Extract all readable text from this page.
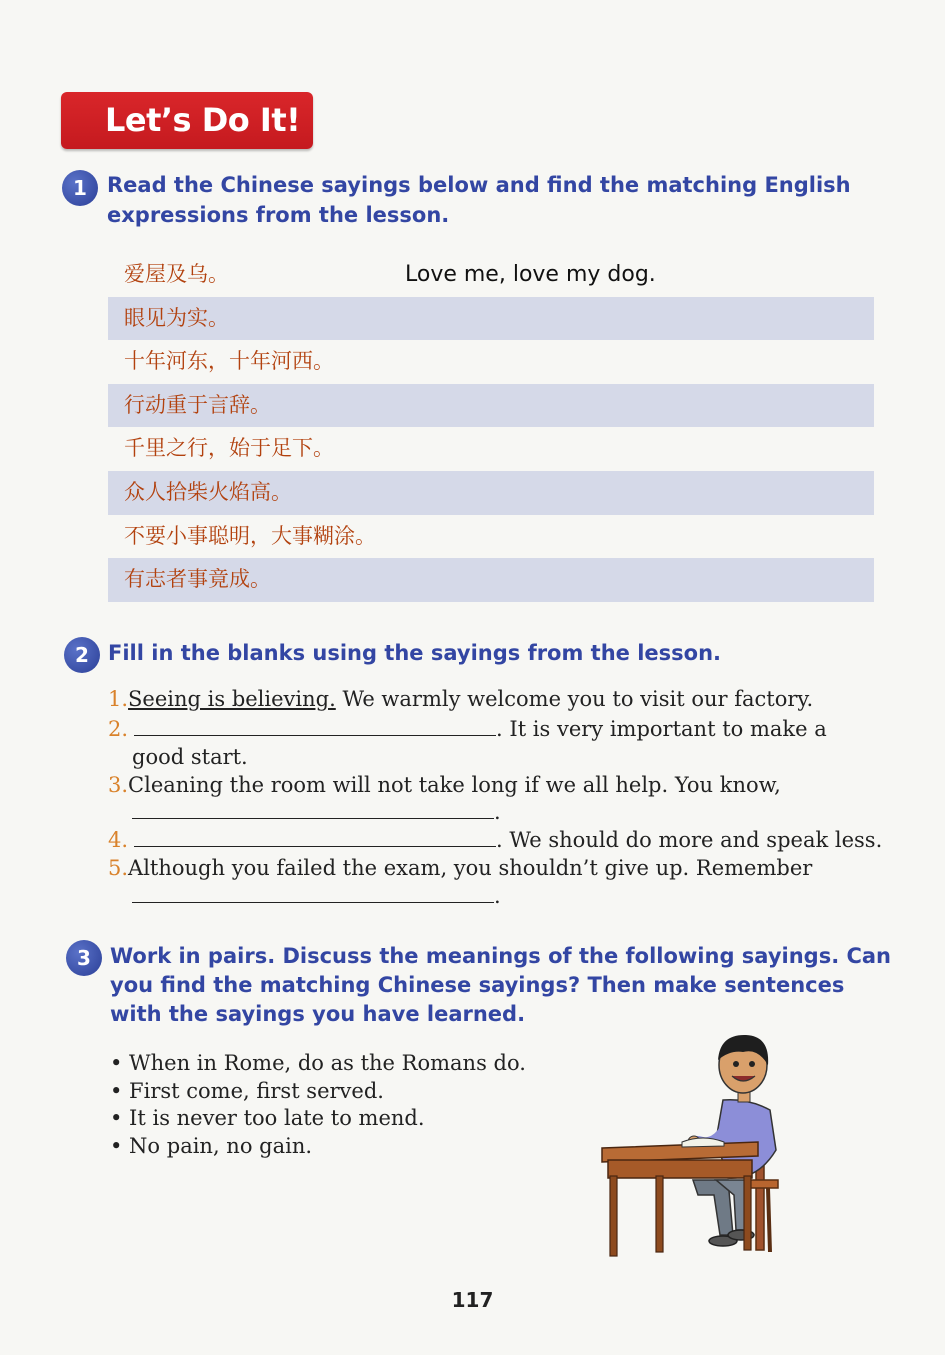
Let’s Do It!
1 Read the Chinese sayings below and find the matching English
expressions from the lesson.
爱屋及乌。	Love me, love my dog.
眼见为实。
十年河东，十年河西。
行动重于言辞。
千里之行，始于足下。
众人拾柴火焰高。
不要小事聪明，大事糊涂。
有志者事竟成。
2 Fill in the blanks using the sayings from the lesson.
1.Seeing is believing. We warmly welcome you to visit our factory.
2.	. It is very important to make a
good start.
3.Cleaning the room will not take long if we all help. You know,
.
4.	. We should do more and speak less.
5.Although you failed the exam, you shouldn’t give up. Remember
.
3 Work in pairs. Discuss the meanings of the following sayings. Can
you find the matching Chinese sayings? Then make sentences
with the sayings you have learned.
• When in Rome, do as the Romans do.
• First come, first served.
• It is never too late to mend.
• No pain, no gain.
117
